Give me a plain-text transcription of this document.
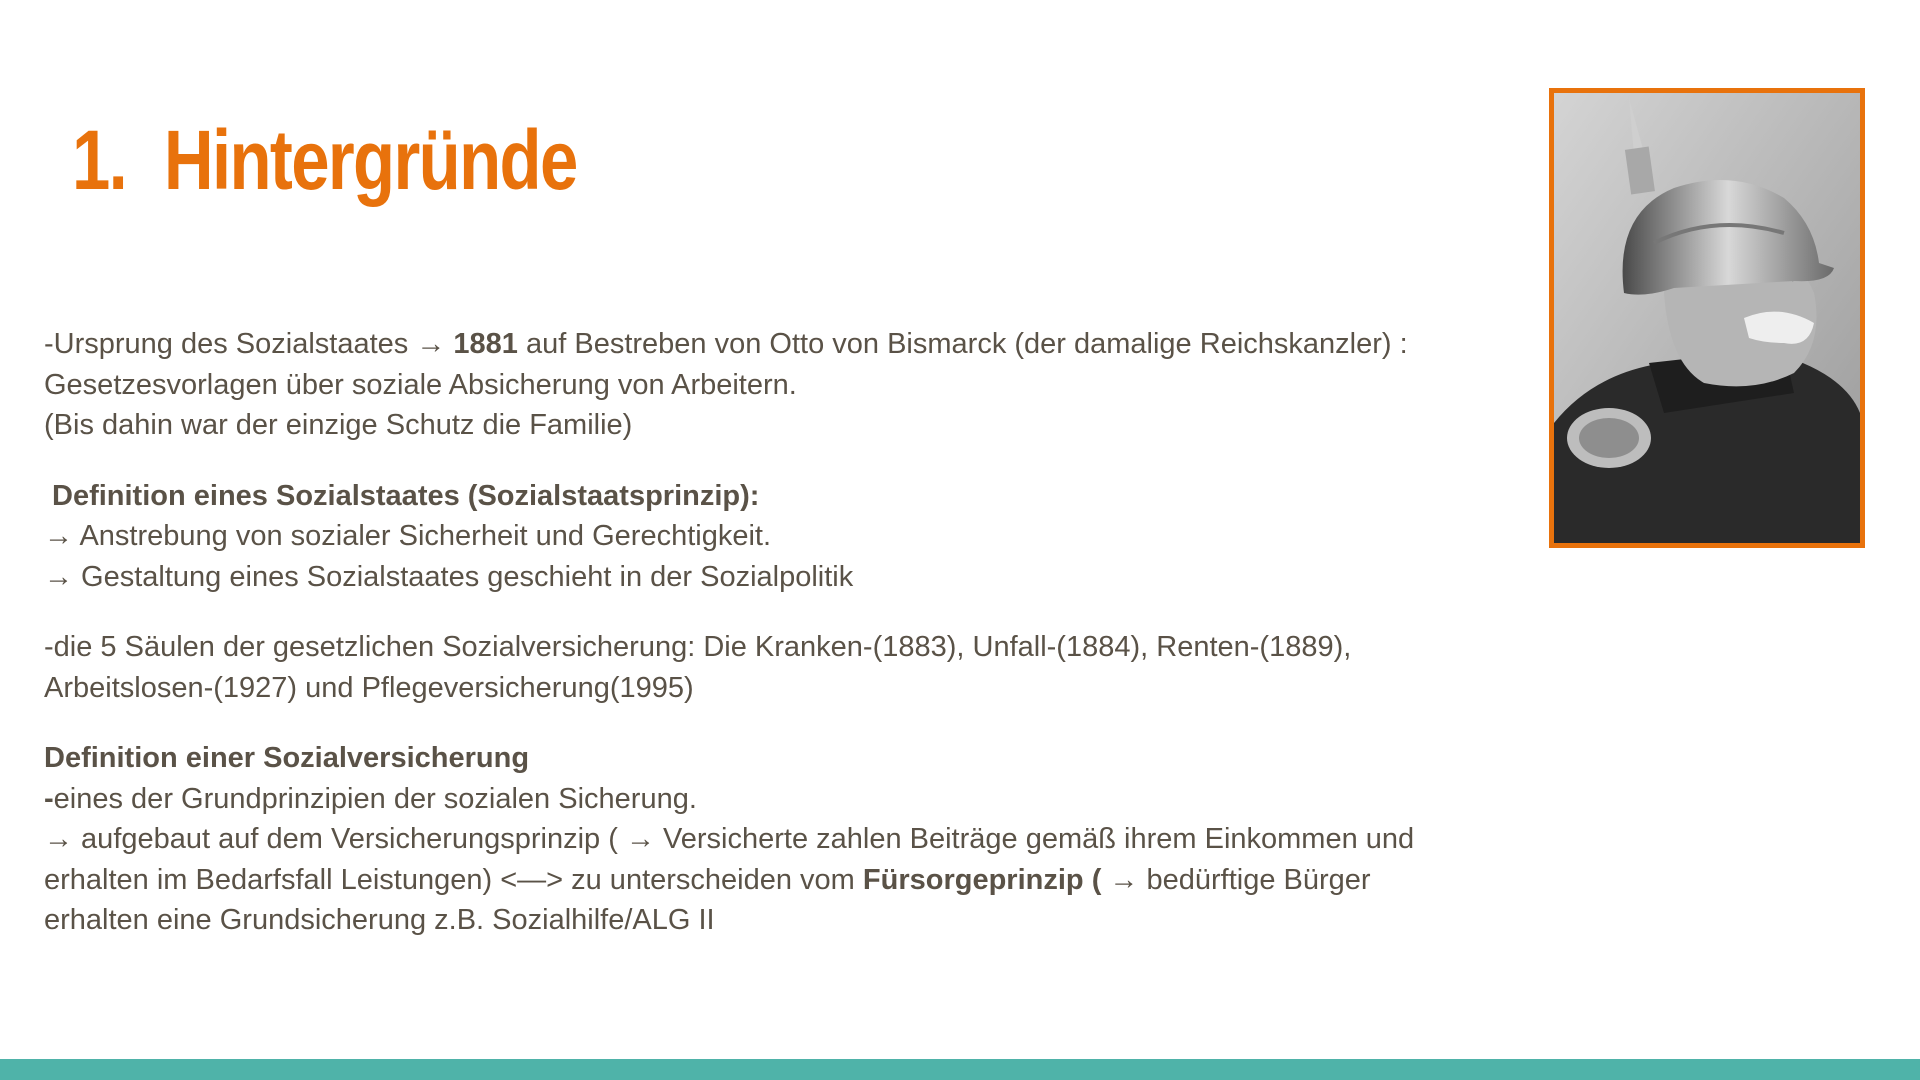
1. Hintergründe
-Ursprung des Sozialstaates → 1881 auf Bestreben von Otto von Bismarck (der damalige Reichskanzler) :
Gesetzesvorlagen über soziale Absicherung von Arbeitern.
(Bis dahin war der einzige Schutz die Familie)
Definition eines Sozialstaates (Sozialstaatsprinzip):
→ Anstrebung von sozialer Sicherheit und Gerechtigkeit.
→ Gestaltung eines Sozialstaates geschieht in der Sozialpolitik
-die 5 Säulen der gesetzlichen Sozialversicherung: Die Kranken-(1883), Unfall-(1884), Renten-(1889),
Arbeitslosen-(1927) und Pflegeversicherung(1995)
Definition einer Sozialversicherung
-eines der Grundprinzipien der sozialen Sicherung.
→ aufgebaut auf dem Versicherungsprinzip ( → Versicherte zahlen Beiträge gemäß ihrem Einkommen und
erhalten im Bedarfsfall Leistungen) <—> zu unterscheiden vom Fürsorgeprinzip ( → bedürftige Bürger
erhalten eine Grundsicherung z.B. Sozialhilfe/ALG II
